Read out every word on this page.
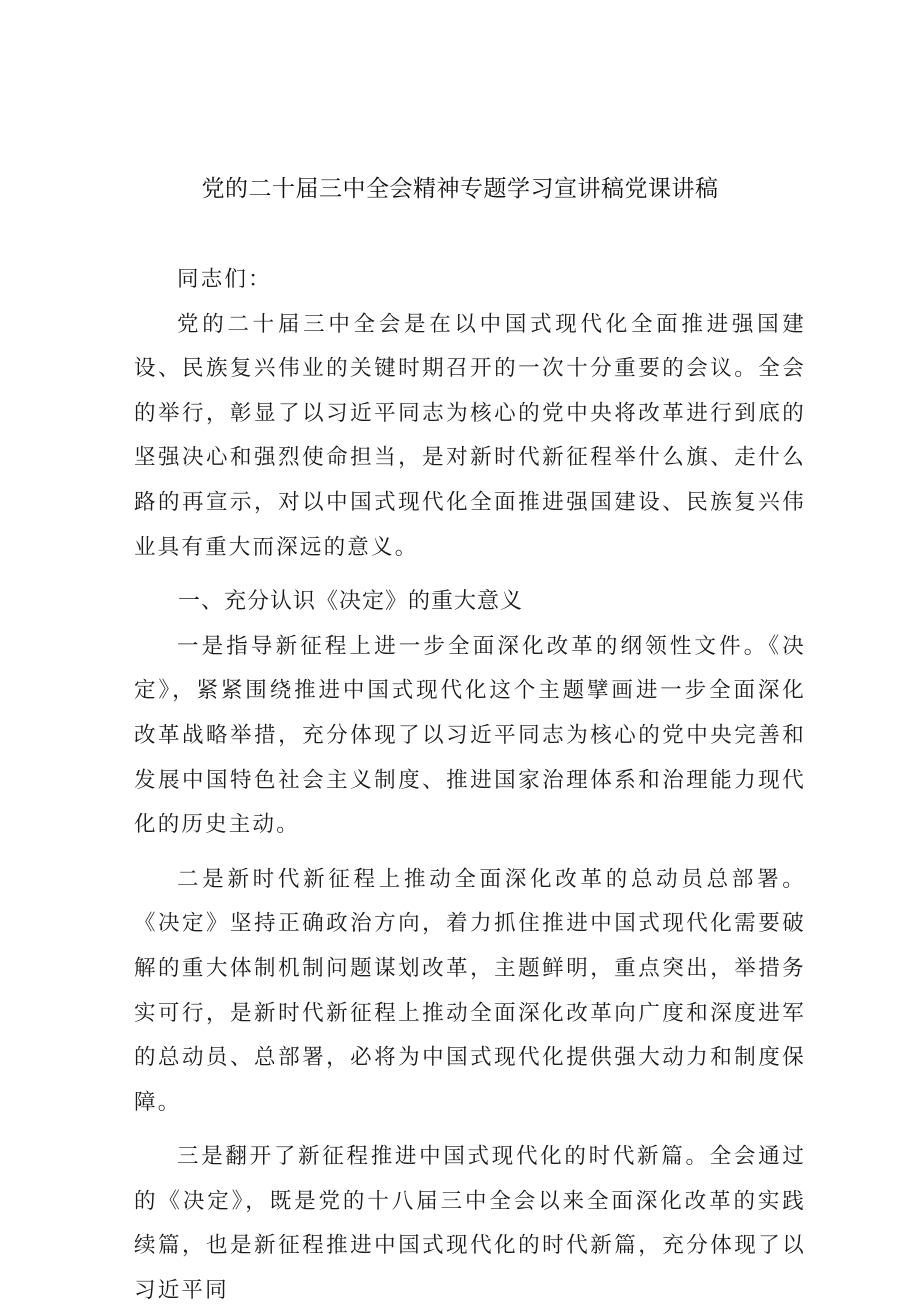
党的二十届三中全会精神专题学习宣讲稿党课讲稿

同志们：

党的二十届三中全会是在以中国式现代化全面推进强国建设、民族复兴伟业的关键时期召开的一次十分重要的会议。全会的举行，彰显了以习近平同志为核心的党中央将改革进行到底的坚强决心和强烈使命担当，是对新时代新征程举什么旗、走什么路的再宣示，对以中国式现代化全面推进强国建设、民族复兴伟业具有重大而深远的意义。

一、充分认识《决定》的重大意义

一是指导新征程上进一步全面深化改革的纲领性文件。《决定》，紧紧围绕推进中国式现代化这个主题擘画进一步全面深化改革战略举措，充分体现了以习近平同志为核心的党中央完善和发展中国特色社会主义制度、推进国家治理体系和治理能力现代化的历史主动。

二是新时代新征程上推动全面深化改革的总动员总部署。《决定》坚持正确政治方向，着力抓住推进中国式现代化需要破解的重大体制机制问题谋划改革，主题鲜明，重点突出，举措务实可行，是新时代新征程上推动全面深化改革向广度和深度进军的总动员、总部署，必将为中国式现代化提供强大动力和制度保障。

三是翻开了新征程推进中国式现代化的时代新篇。全会通过的《决定》，既是党的十八届三中全会以来全面深化改革的实践续篇，也是新征程推进中国式现代化的时代新篇，充分体现了以习近平同
